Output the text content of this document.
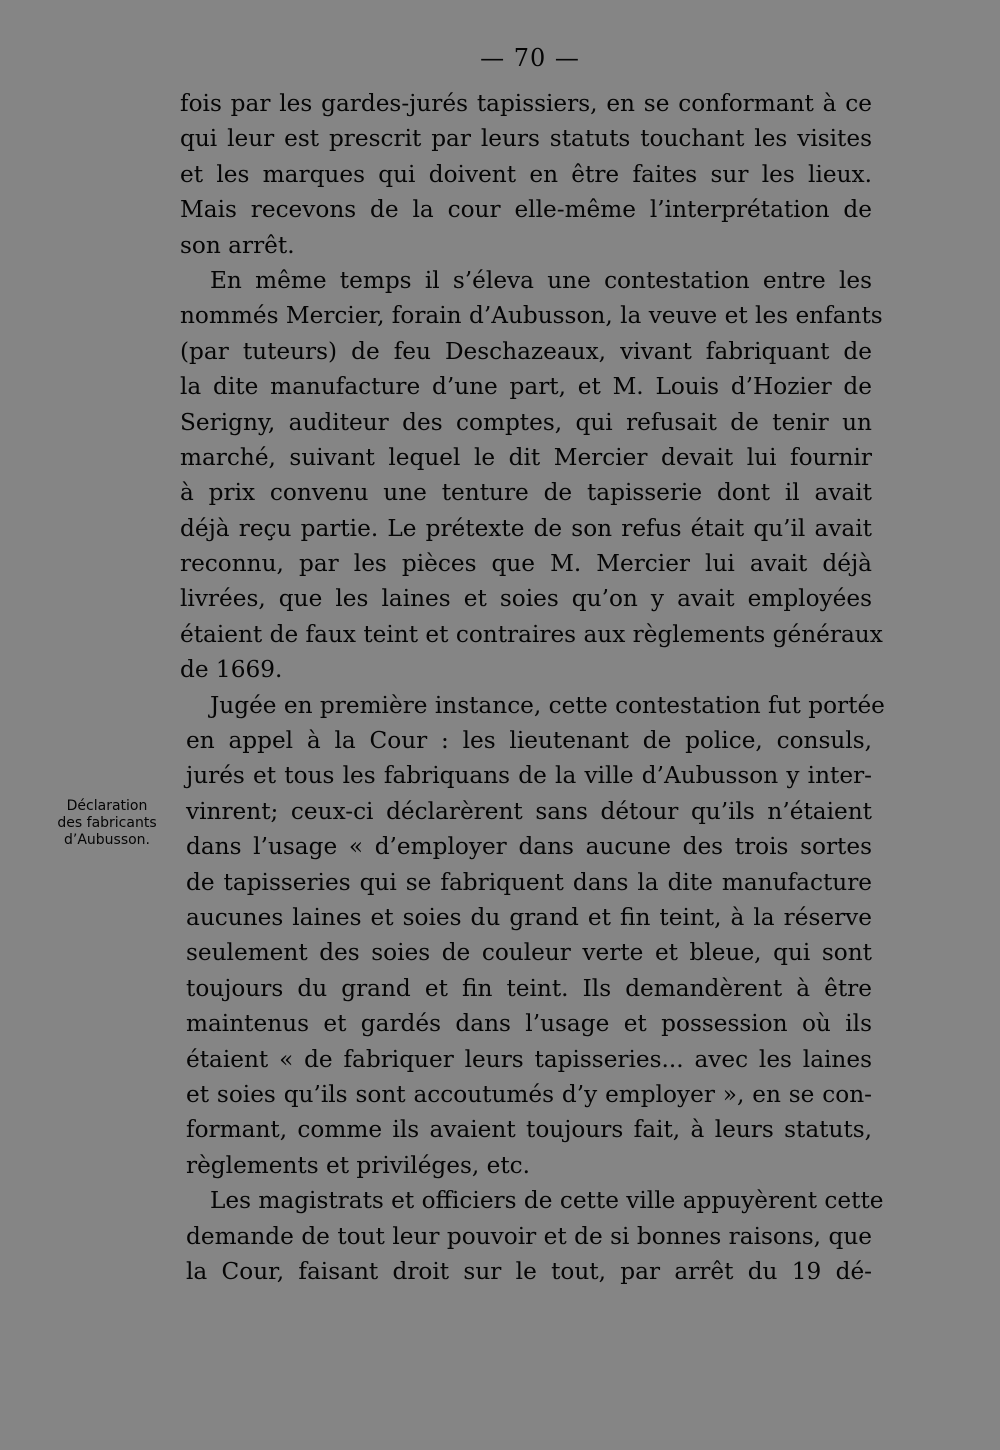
— 70 —
Déclaration
des fabricants
d’Aubusson.
fois par les gardes-jurés tapissiers, en se conformant à ce
qui leur est prescrit par leurs statuts touchant les visites
et les marques qui doivent en être faites sur les lieux.
Mais recevons de la cour elle-même l’interprétation de
son arrêt.
En même temps il s’éleva une contestation entre les
nommés Mercier, forain d’Aubusson, la veuve et les enfants
(par tuteurs) de feu Deschazeaux, vivant fabriquant de
la dite manufacture d’une part, et M. Louis d’Hozier de
Serigny, auditeur des comptes, qui refusait de tenir un
marché, suivant lequel le dit Mercier devait lui fournir
à prix convenu une tenture de tapisserie dont il avait
déjà reçu partie. Le prétexte de son refus était qu’il avait
reconnu, par les pièces que M. Mercier lui avait déjà
livrées, que les laines et soies qu’on y avait employées
étaient de faux teint et contraires aux règlements généraux
de 1669.
Jugée en première instance, cette contestation fut portée
en appel à la Cour : les lieutenant de police, consuls,
jurés et tous les fabriquans de la ville d’Aubusson y inter-
vinrent; ceux-ci déclarèrent sans détour qu’ils n’étaient
dans l’usage « d’employer dans aucune des trois sortes
de tapisseries qui se fabriquent dans la dite manufacture
aucunes laines et soies du grand et fin teint, à la réserve
seulement des soies de couleur verte et bleue, qui sont
toujours du grand et fin teint. Ils demandèrent à être
maintenus et gardés dans l’usage et possession où ils
étaient « de fabriquer leurs tapisseries... avec les laines
et soies qu’ils sont accoutumés d’y employer », en se con-
formant, comme ils avaient toujours fait, à leurs statuts,
règlements et priviléges, etc.
Les magistrats et officiers de cette ville appuyèrent cette
demande de tout leur pouvoir et de si bonnes raisons, que
la Cour, faisant droit sur le tout, par arrêt du 19 dé-
